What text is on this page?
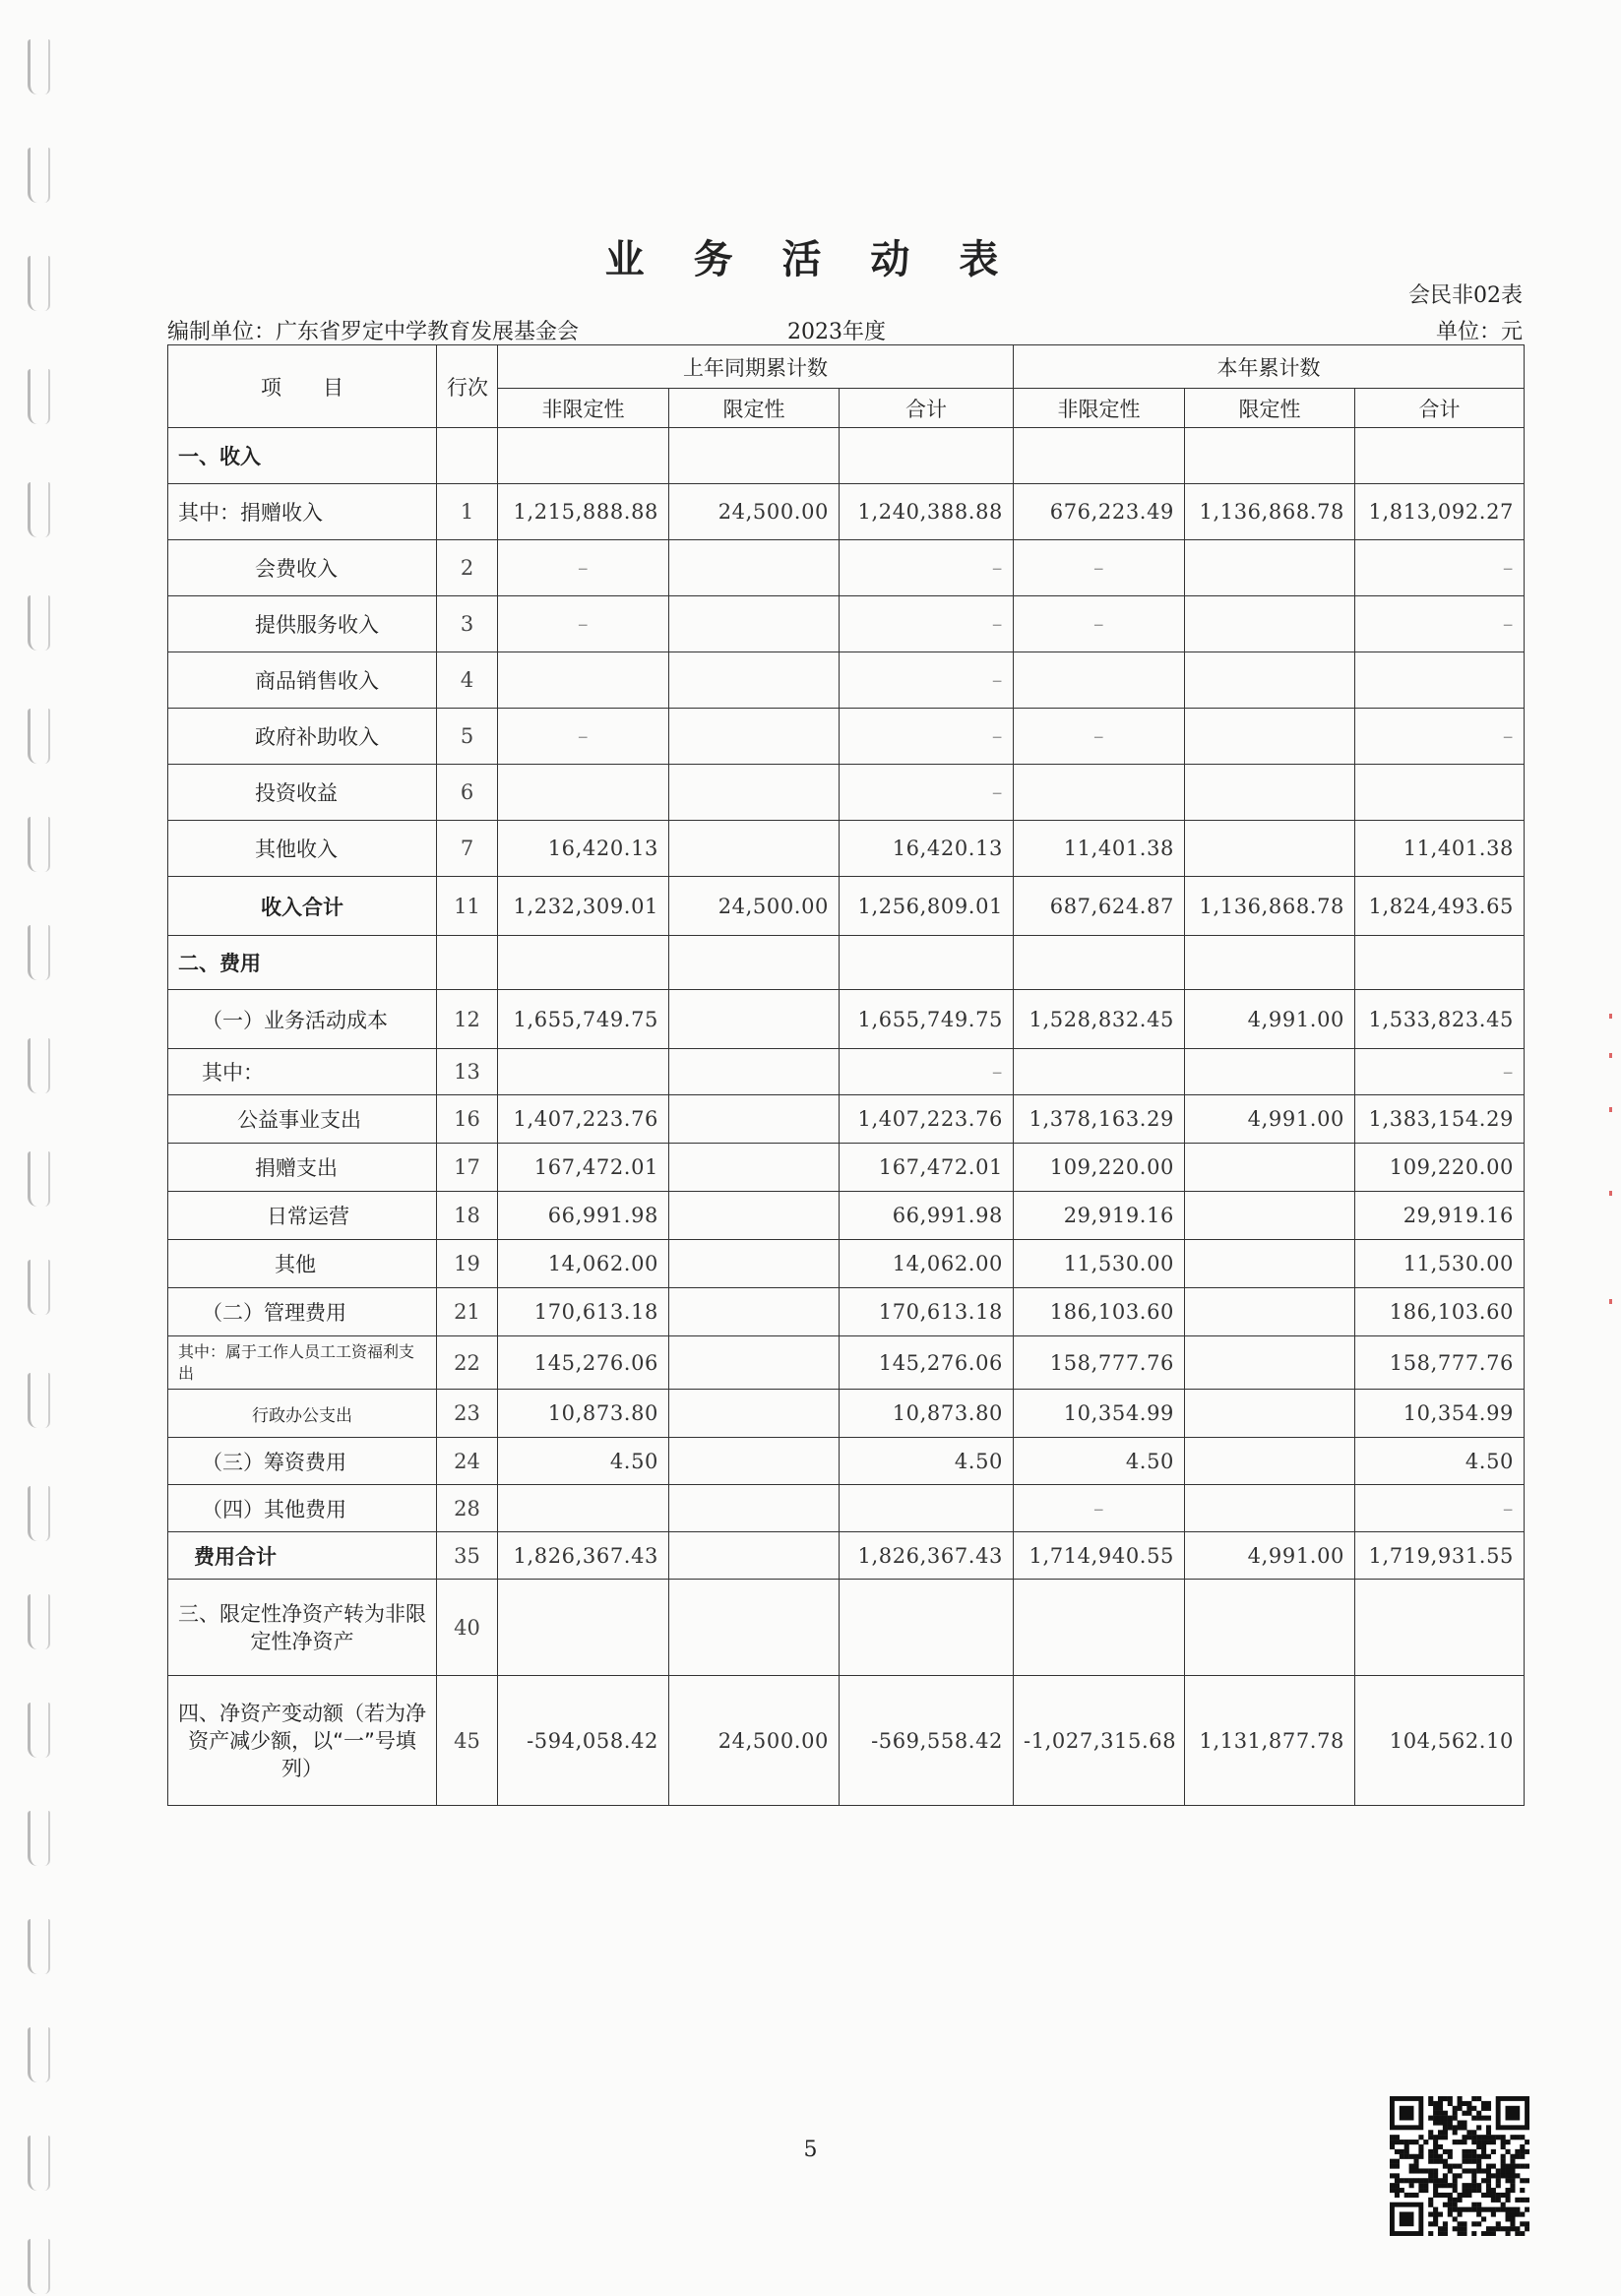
业 务 活 动 表
会民非02表
编制单位：广东省罗定中学教育发展基金会	2023年度	单位：元
项　　目	行次	上年同期累计数			本年累计数		
		非限定性	限定性	合计	非限定性	限定性	合计
一、收入							
其中：捐赠收入	1	1,215,888.88	24,500.00	1,240,388.88	676,223.49	1,136,868.78	1,813,092.27
会费收入	2	–		–	–		–
提供服务收入	3	–		–	–		–
商品销售收入	4			–			
政府补助收入	5	–		–	–		–
投资收益	6			–			
其他收入	7	16,420.13		16,420.13	11,401.38		11,401.38
收入合计	11	1,232,309.01	24,500.00	1,256,809.01	687,624.87	1,136,868.78	1,824,493.65
二、费用							
（一）业务活动成本	12	1,655,749.75		1,655,749.75	1,528,832.45	4,991.00	1,533,823.45
其中：	13			–			–
公益事业支出	16	1,407,223.76		1,407,223.76	1,378,163.29	4,991.00	1,383,154.29
捐赠支出	17	167,472.01		167,472.01	109,220.00		109,220.00
日常运营	18	66,991.98		66,991.98	29,919.16		29,919.16
其他	19	14,062.00		14,062.00	11,530.00		11,530.00
（二）管理费用	21	170,613.18		170,613.18	186,103.60		186,103.60
其中：属于工作人员工工资福利支出	22	145,276.06		145,276.06	158,777.76		158,777.76
行政办公支出	23	10,873.80		10,873.80	10,354.99		10,354.99
（三）筹资费用	24	4.50		4.50	4.50		4.50
（四）其他费用	28				–		–
费用合计	35	1,826,367.43		1,826,367.43	1,714,940.55	4,991.00	1,719,931.55
三、限定性净资产转为非限定性净资产	40						
四、净资产变动额（若为净资产减少额，以“一”号填列）	45	-594,058.42	24,500.00	-569,558.42	-1,027,315.68	1,131,877.78	104,562.10
5
